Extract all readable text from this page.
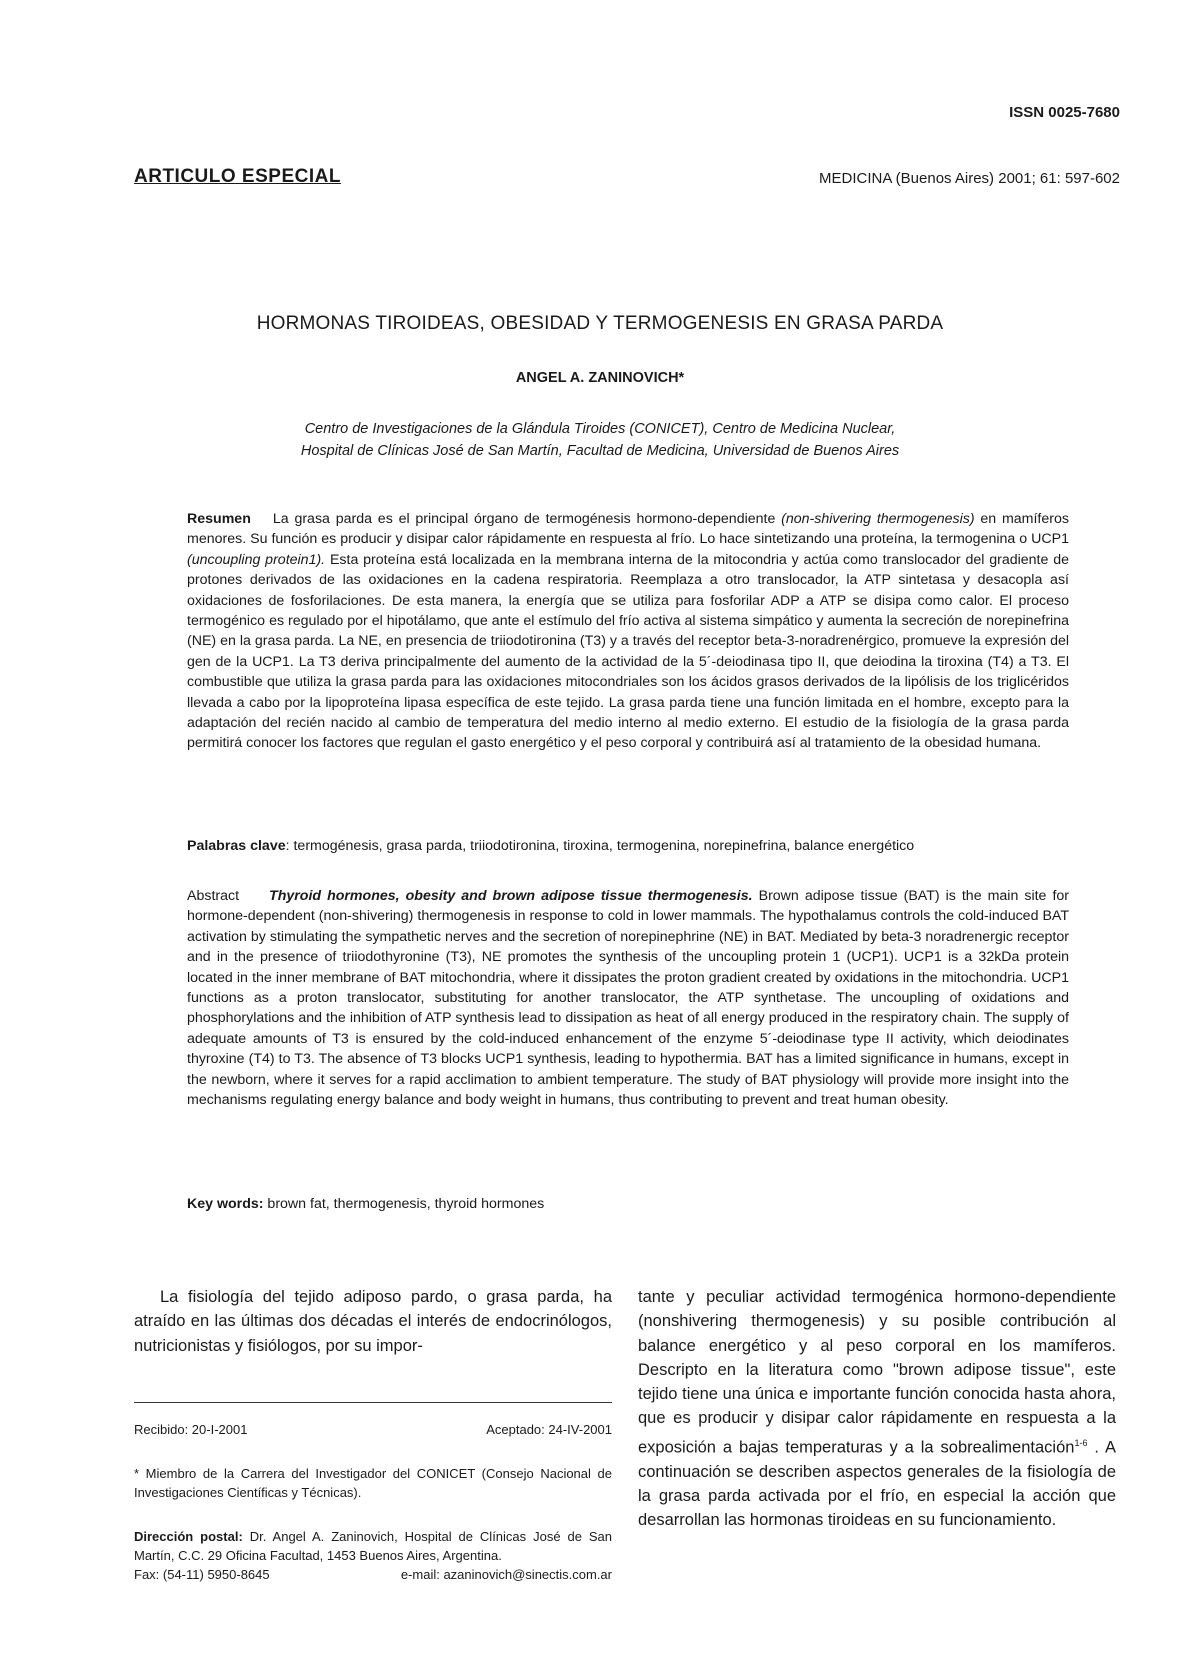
ISSN 0025-7680
ARTICULO ESPECIAL	MEDICINA (Buenos Aires) 2001; 61: 597-602
HORMONAS TIROIDEAS, OBESIDAD Y TERMOGENESIS EN GRASA PARDA
ANGEL A. ZANINOVICH*
Centro de Investigaciones de la Glándula Tiroides (CONICET), Centro de Medicina Nuclear,
Hospital de Clínicas José de San Martín, Facultad de Medicina, Universidad de Buenos Aires
Resumen La grasa parda es el principal órgano de termogénesis hormono-dependiente (non-shivering thermogenesis) en mamíferos menores. Su función es producir y disipar calor rápidamente en respuesta al frío. Lo hace sintetizando una proteína, la termogenina o UCP1 (uncoupling protein1). Esta proteína está localizada en la membrana interna de la mitocondria y actúa como translocador del gradiente de protones derivados de las oxidaciones en la cadena respiratoria. Reemplaza a otro translocador, la ATP sintetasa y desacopla así oxidaciones de fosforilaciones. De esta manera, la energía que se utiliza para fosforilar ADP a ATP se disipa como calor. El proceso termogénico es regulado por el hipotálamo, que ante el estímulo del frío activa al sistema simpático y aumenta la secreción de norepinefrina (NE) en la grasa parda. La NE, en presencia de triiodotironina (T3) y a través del receptor beta-3-noradrenérgico, promueve la expresión del gen de la UCP1. La T3 deriva principalmente del aumento de la actividad de la 5´-deiodinasa tipo II, que deiodina la tiroxina (T4) a T3. El combustible que utiliza la grasa parda para las oxidaciones mitocondriales son los ácidos grasos derivados de la lipólisis de los triglicéridos llevada a cabo por la lipoproteína lipasa específica de este tejido. La grasa parda tiene una función limitada en el hombre, excepto para la adaptación del recién nacido al cambio de temperatura del medio interno al medio externo. El estudio de la fisiología de la grasa parda permitirá conocer los factores que regulan el gasto energético y el peso corporal y contribuirá así al tratamiento de la obesidad humana.
Palabras clave: termogénesis, grasa parda, triiodotironina, tiroxina, termogenina, norepinefrina, balance energético
Abstract Thyroid hormones, obesity and brown adipose tissue thermogenesis. Brown adipose tissue (BAT) is the main site for hormone-dependent (non-shivering) thermogenesis in response to cold in lower mammals. The hypothalamus controls the cold-induced BAT activation by stimulating the sympathetic nerves and the secretion of norepinephrine (NE) in BAT. Mediated by beta-3 noradrenergic receptor and in the presence of triiodothyronine (T3), NE promotes the synthesis of the uncoupling protein 1 (UCP1). UCP1 is a 32kDa protein located in the inner membrane of BAT mitochondria, where it dissipates the proton gradient created by oxidations in the mitochondria. UCP1 functions as a proton translocator, substituting for another translocator, the ATP synthetase. The uncoupling of oxidations and phosphorylations and the inhibition of ATP synthesis lead to dissipation as heat of all energy produced in the respiratory chain. The supply of adequate amounts of T3 is ensured by the cold-induced enhancement of the enzyme 5´-deiodinase type II activity, which deiodinates thyroxine (T4) to T3. The absence of T3 blocks UCP1 synthesis, leading to hypothermia. BAT has a limited significance in humans, except in the newborn, where it serves for a rapid acclimation to ambient temperature. The study of BAT physiology will provide more insight into the mechanisms regulating energy balance and body weight in humans, thus contributing to prevent and treat human obesity.
Key words: brown fat, thermogenesis, thyroid hormones
La fisiología del tejido adiposo pardo, o grasa parda, ha atraído en las últimas dos décadas el interés de endocrinólogos, nutricionistas y fisiólogos, por su impor-
tante y peculiar actividad termogénica hormono-dependiente (nonshivering thermogenesis) y su posible contribución al balance energético y al peso corporal en los mamíferos. Descripto en la literatura como "brown adipose tissue", este tejido tiene una única e importante función conocida hasta ahora, que es producir y disipar calor rápidamente en respuesta a la exposición a bajas temperaturas y a la sobrealimentación$^{1-6}$ . A continuación se describen aspectos generales de la fisiología de la grasa parda activada por el frío, en especial la acción que desarrollan las hormonas tiroideas en su funcionamiento.
Recibido: 20-I-2001	Aceptado: 24-IV-2001
* Miembro de la Carrera del Investigador del CONICET (Consejo Nacional de Investigaciones Científicas y Técnicas).
Dirección postal: Dr. Angel A. Zaninovich, Hospital de Clínicas José de San Martín, C.C. 29 Oficina Facultad, 1453 Buenos Aires, Argentina.
Fax: (54-11) 5950-8645	e-mail: azaninovich@sinectis.com.ar
